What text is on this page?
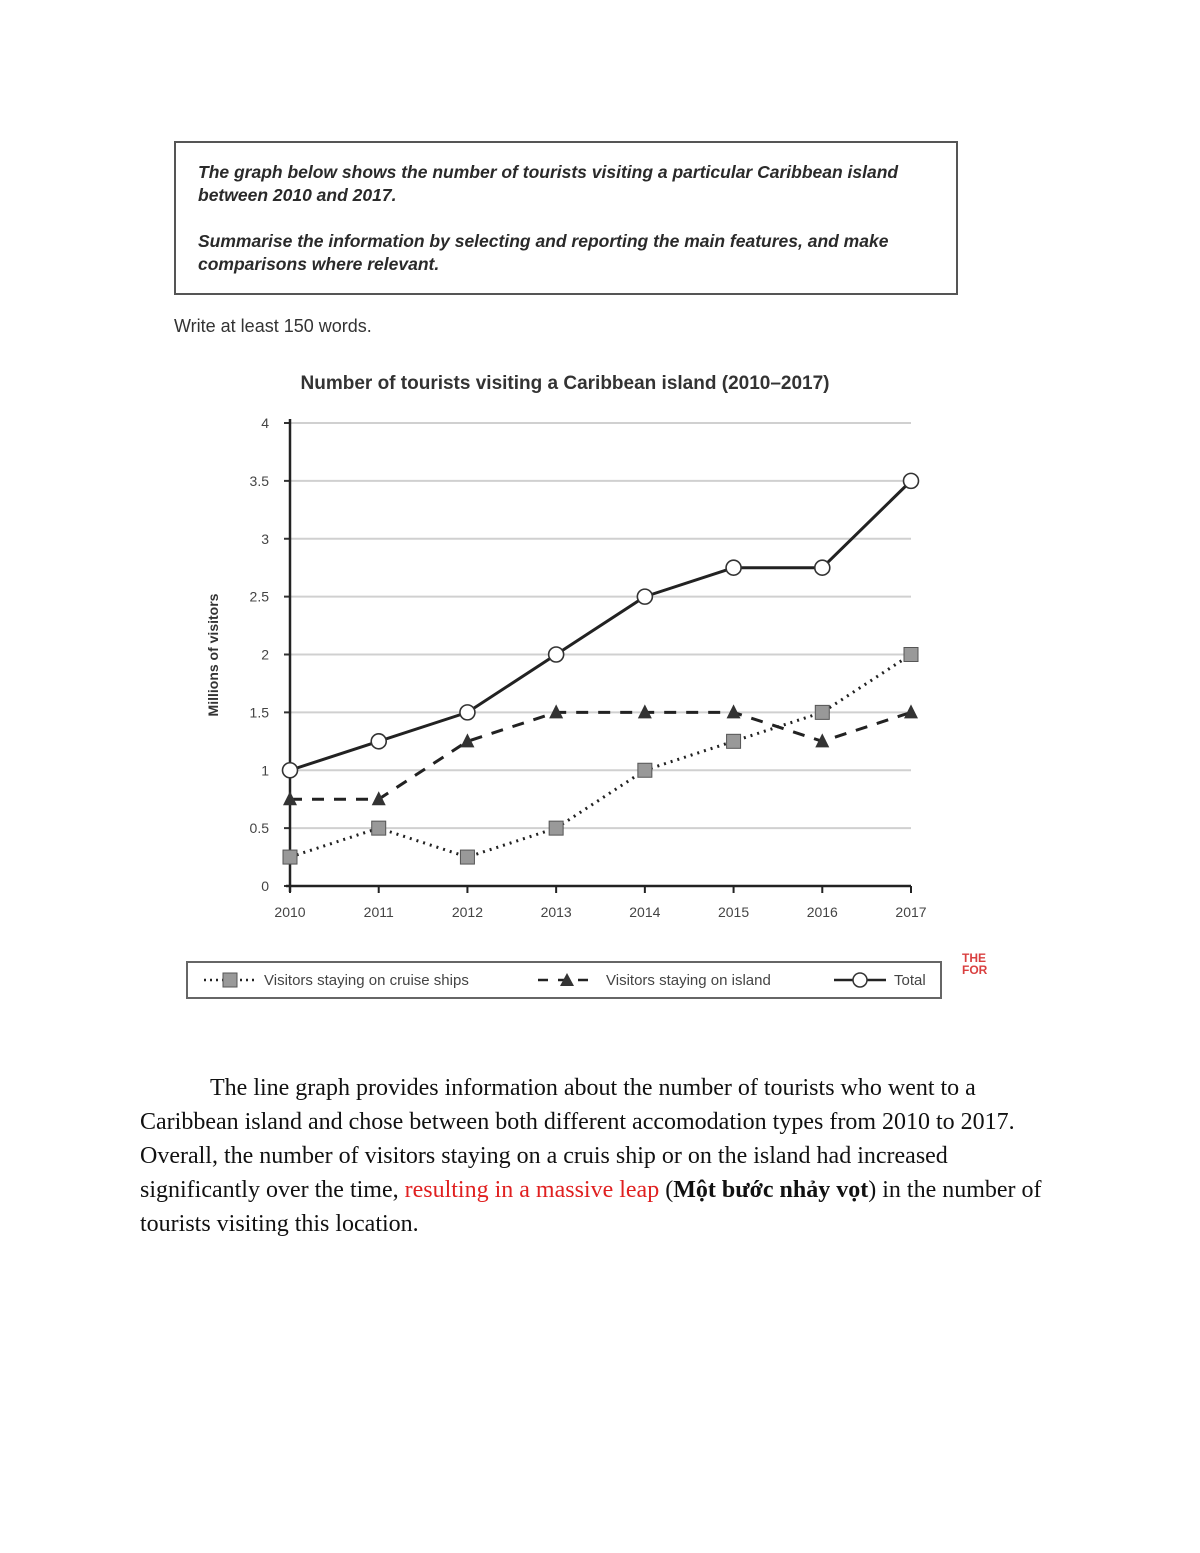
The graph below shows the number of tourists visiting a particular Caribbean island between 2010 and 2017.

Summarise the information by selecting and reporting the main features, and make comparisons where relevant.

Write at least 150 words.
Number of tourists visiting a Caribbean island (2010–2017)
0
0.5
1
1.5
2
2.5
3
3.5
4
2010	2011	2012	2013	2014	2015	2016	2017
Millions of visitors
Visitors staying on cruise ships	Visitors staying on island	Total
THE
FOR

The line graph provides information about the number of tourists who went to a Caribbean island and chose between both different accomodation types from 2010 to 2017. Overall, the number of visitors staying on a cruis ship or on the island had increased significantly over the time, resulting in a massive leap (Một bước nhảy vọt) in the number of tourists visiting this location.
